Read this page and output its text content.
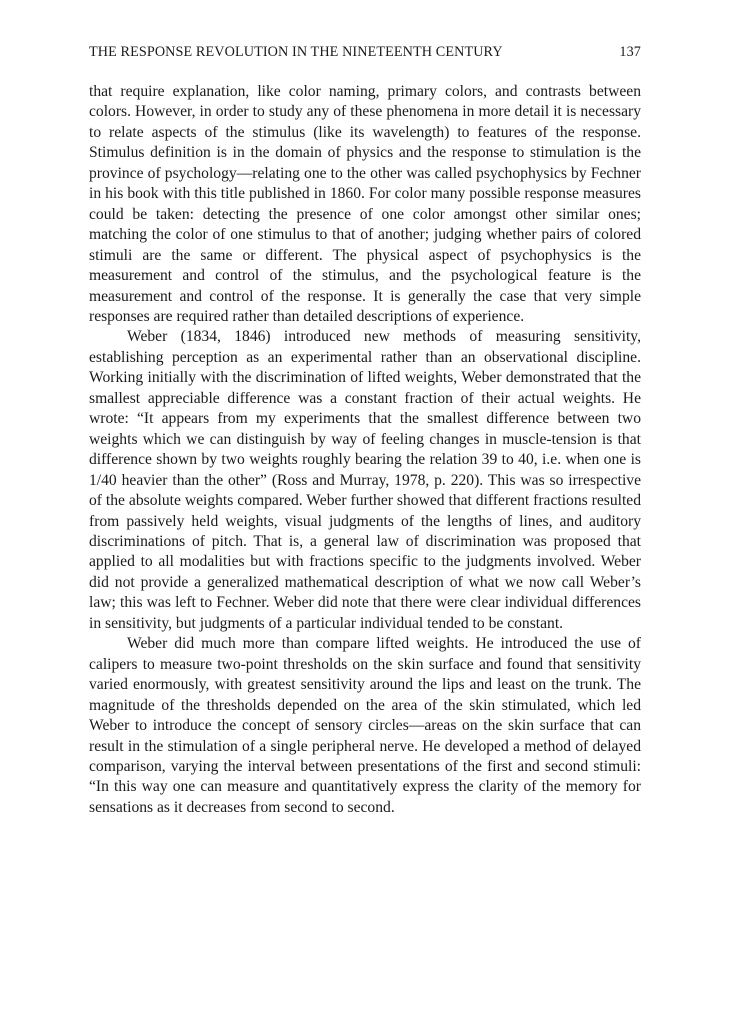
THE RESPONSE REVOLUTION IN THE NINETEENTH CENTURY	137

that require explanation, like color naming, primary colors, and contrasts between colors. However, in order to study any of these phenomena in more detail it is necessary to relate aspects of the stimulus (like its wavelength) to features of the response. Stimulus definition is in the domain of physics and the response to stimulation is the province of psychology—relating one to the other was called psychophysics by Fechner in his book with this title published in 1860. For color many possible response measures could be taken: detecting the presence of one color amongst other similar ones; matching the color of one stimulus to that of another; judging whether pairs of colored stimuli are the same or different. The physical aspect of psychophysics is the measurement and control of the stimulus, and the psychological feature is the measurement and control of the response. It is generally the case that very simple responses are required rather than detailed descriptions of experience.

Weber (1834, 1846) introduced new methods of measuring sensitivity, establishing perception as an experimental rather than an observational discipline. Working initially with the discrimination of lifted weights, Weber demonstrated that the smallest appreciable difference was a constant fraction of their actual weights. He wrote: “It appears from my experiments that the smallest difference between two weights which we can distinguish by way of feeling changes in muscle-tension is that difference shown by two weights roughly bearing the relation 39 to 40, i.e. when one is 1/40 heavier than the other” (Ross and Murray, 1978, p. 220). This was so irrespective of the absolute weights compared. Weber further showed that different fractions resulted from passively held weights, visual judgments of the lengths of lines, and auditory discriminations of pitch. That is, a general law of discrimination was proposed that applied to all modalities but with fractions specific to the judgments involved. Weber did not provide a generalized mathematical description of what we now call Weber’s law; this was left to Fechner. Weber did note that there were clear individual differences in sensitivity, but judgments of a particular individual tended to be constant.

Weber did much more than compare lifted weights. He introduced the use of calipers to measure two-point thresholds on the skin surface and found that sensitivity varied enormously, with greatest sensitivity around the lips and least on the trunk. The magnitude of the thresholds depended on the area of the skin stimulated, which led Weber to introduce the concept of sensory circles—areas on the skin surface that can result in the stimulation of a single peripheral nerve. He developed a method of delayed comparison, varying the interval between presentations of the first and second stimuli: “In this way one can measure and quantitatively express the clarity of the memory for sensations as it decreases from second to second.
